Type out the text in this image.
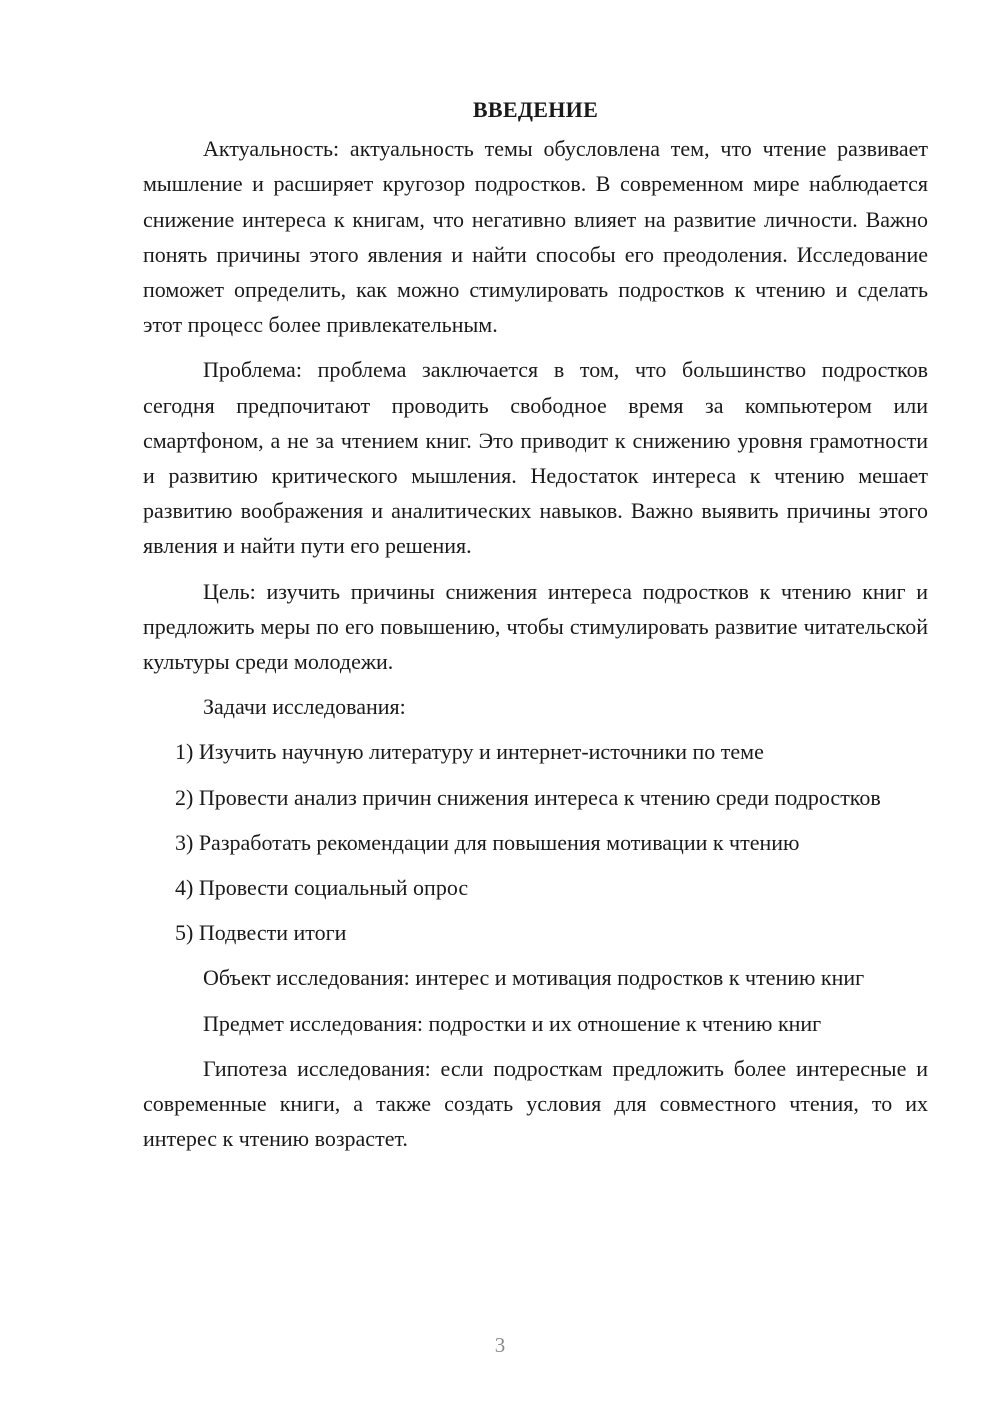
ВВЕДЕНИЕ

Актуальность: актуальность темы обусловлена тем, что чтение развивает мышление и расширяет кругозор подростков. В современном мире наблюдается снижение интереса к книгам, что негативно влияет на развитие личности. Важно понять причины этого явления и найти способы его преодоления. Исследование поможет определить, как можно стимулировать подростков к чтению и сделать этот процесс более привлекательным.

Проблема: проблема заключается в том, что большинство подростков сегодня предпочитают проводить свободное время за компьютером или смартфоном, а не за чтением книг. Это приводит к снижению уровня грамотности и развитию критического мышления. Недостаток интереса к чтению мешает развитию воображения и аналитических навыков. Важно выявить причины этого явления и найти пути его решения.

Цель: изучить причины снижения интереса подростков к чтению книг и предложить меры по его повышению, чтобы стимулировать развитие читательской культуры среди молодежи.

Задачи исследования:

1) Изучить научную литературу и интернет-источники по теме

2) Провести анализ причин снижения интереса к чтению среди подростков

3) Разработать рекомендации для повышения мотивации к чтению

4) Провести социальный опрос

5) Подвести итоги

Объект исследования: интерес и мотивация подростков к чтению книг

Предмет исследования: подростки и их отношение к чтению книг

Гипотеза исследования: если подросткам предложить более интересные и современные книги, а также создать условия для совместного чтения, то их интерес к чтению возрастет.

3
